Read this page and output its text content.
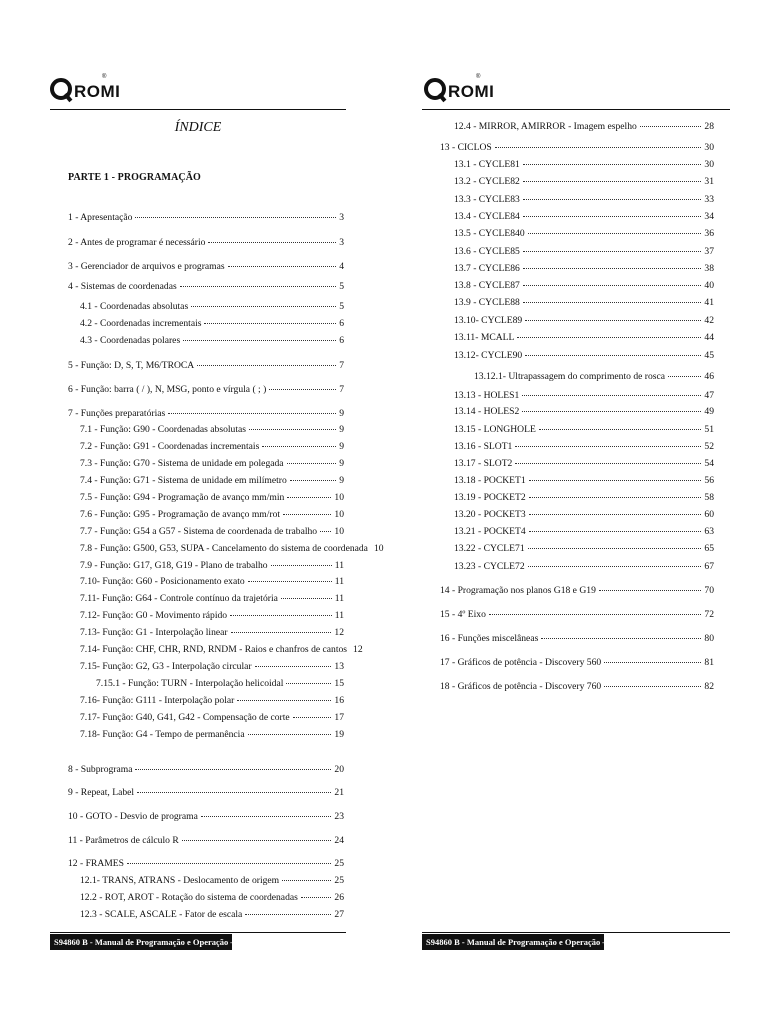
ROMI
®
ÍNDICE
PARTE 1 - PROGRAMAÇÃO
S94860 B - Manual de Programação e Operação – SIEMENS 810 D
1 - Apresentação	3
2 - Antes de programar é necessário	3
3 - Gerenciador de arquivos e programas	4
4 - Sistemas de coordenadas	5
4.1 - Coordenadas absolutas	5
4.2 - Coordenadas incrementais	6
4.3 - Coordenadas polares	6
5 - Função: D, S, T, M6/TROCA	7
6 - Função: barra ( / ), N, MSG, ponto e vírgula ( ; )	7
7 - Funções preparatórias	9
7.1 - Função: G90 - Coordenadas absolutas	9
7.2 - Função: G91 - Coordenadas incrementais	9
7.3 - Função: G70 - Sistema de unidade em polegada	9
7.4 - Função: G71 - Sistema de unidade em milímetro	9
7.5 - Função: G94 - Programação de avanço mm/min	10
7.6 - Função: G95 - Programação de avanço mm/rot	10
7.7 - Função: G54 a G57 - Sistema de coordenada de trabalho 10
7.8 - Função: G500, G53, SUPA - Cancelamento do sistema de coordenada 10
7.9 - Função: G17, G18, G19 - Plano de trabalho	11
7.10- Função: G60 - Posicionamento exato	11
7.11- Função: G64 - Controle contínuo da trajetória	11
7.12- Função: G0 - Movimento rápido	11
7.13- Função: G1 - Interpolação linear	12
7.14- Função: CHF, CHR, RND, RNDM - Raios e chanfros de cantos 12
7.15- Função: G2, G3 - Interpolação circular	13
7.15.1 - Função: TURN - Interpolação helicoidal	15
7.16- Função: G111 - Interpolação polar	16
7.17- Função: G40, G41, G42 - Compensação de corte	17
7.18- Função: G4 - Tempo de permanência	19
8 - Subprograma	20
9 - Repeat, Label	21
10 - GOTO - Desvio de programa	23
11 - Parâmetros de cálculo R	24
12 - FRAMES	25
12.1- TRANS, ATRANS - Deslocamento de origem	25
12.2 - ROT, AROT - Rotação do sistema de coordenadas	26
12.3 - SCALE, ASCALE - Fator de escala	27
ROMI
®
S94860 B - Manual de Programação e Operação – SIEMENS 810 D
12.4 - MIRROR, AMIRROR - Imagem espelho	28
13 - CICLOS	30
13.1 - CYCLE81	30
13.2 - CYCLE82	31
13.3 - CYCLE83	33
13.4 - CYCLE84	34
13.5 - CYCLE840	36
13.6 - CYCLE85	37
13.7 - CYCLE86	38
13.8 - CYCLE87	40
13.9 - CYCLE88	41
13.10- CYCLE89	42
13.11- MCALL	44
13.12- CYCLE90	45
13.12.1- Ultrapassagem do comprimento de rosca	46
13.13 - HOLES1	47
13.14 - HOLES2	49
13.15 - LONGHOLE	51
13.16 - SLOT1	52
13.17 - SLOT2	54
13.18 - POCKET1	56
13.19 - POCKET2	58
13.20 - POCKET3	60
13.21 - POCKET4	63
13.22 - CYCLE71	65
13.23 - CYCLE72	67
14 - Programação nos planos G18 e G19	70
15 - 4º Eixo	72
16 - Funções miscelâneas	80
17 - Gráficos de potência - Discovery 560	81
18 - Gráficos de potência - Discovery 760	82
